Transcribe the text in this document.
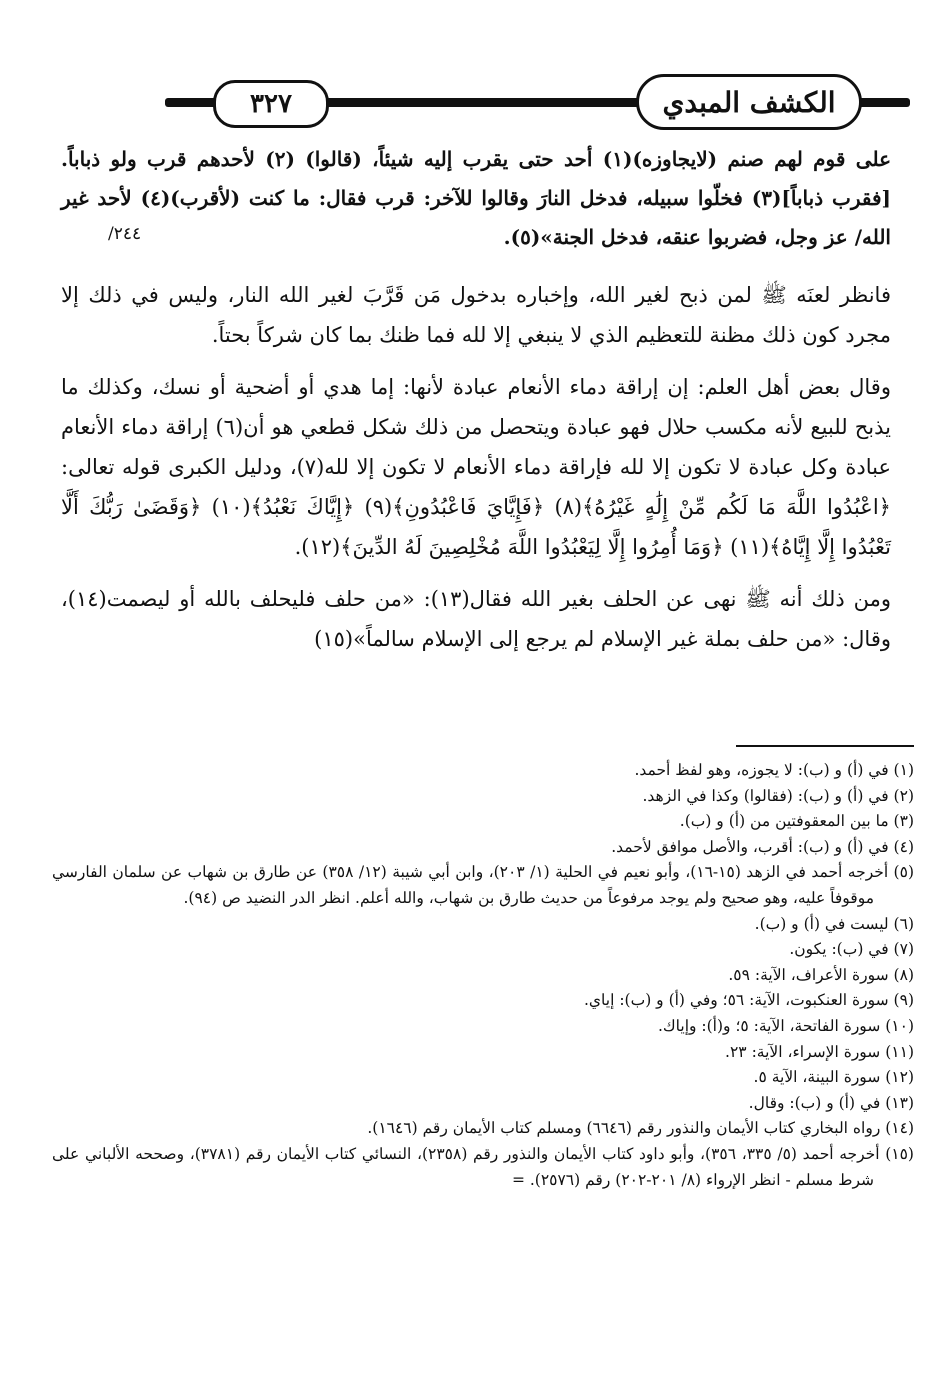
الكشف المبدي
٣٢٧
٢٤٤/

على قوم لهم صنم (لايجاوزه)(١) أحد حتى يقرب إليه شيئاً، (قالوا) (٢) لأحدهم قرب ولو ذباباً. [فقرب ذباباً](٣) فخلّوا سبيله، فدخل النارَ وقالوا للآخر: قرب فقال: ما كنت (لأقرب)(٤) لأحد غير الله/ عز وجل، فضربوا عنقه، فدخل الجنة»(٥).

فانظر لعنَه ﷺ لمن ذبح لغير الله، وإخباره بدخول مَن قَرَّبَ لغير الله النار، وليس في ذلك إلا مجرد كون ذلك مظنة للتعظيم الذي لا ينبغي إلا لله فما ظنك بما كان شركاً بحتاً.

وقال بعض أهل العلم: إن إراقة دماء الأنعام عبادة لأنها: إما هدي أو أضحية أو نسك، وكذلك ما يذبح للبيع لأنه مكسب حلال فهو عبادة ويتحصل من ذلك شكل قطعي هو أن(٦) إراقة دماء الأنعام عبادة وكل عبادة لا تكون إلا لله فإراقة دماء الأنعام لا تكون إلا لله(٧)، ودليل الكبرى قوله تعالى: ﴿اعْبُدُوا اللَّهَ مَا لَكُم مِّنْ إِلَٰهٍ غَيْرُهُ﴾(٨) ﴿فَإِيَّايَ فَاعْبُدُونِ﴾(٩) ﴿إِيَّاكَ نَعْبُدُ﴾(١٠) ﴿وَقَضَىٰ رَبُّكَ أَلَّا تَعْبُدُوا إِلَّا إِيَّاهُ﴾(١١) ﴿وَمَا أُمِرُوا إِلَّا لِيَعْبُدُوا اللَّهَ مُخْلِصِينَ لَهُ الدِّينَ﴾(١٢).

ومن ذلك أنه ﷺ نهى عن الحلف بغير الله فقال(١٣): «من حلف فليحلف بالله أو ليصمت(١٤)، وقال: «من حلف بملة غير الإسلام لم يرجع إلى الإسلام سالماً»(١٥)

(١) في (أ) و (ب): لا يجوزه، وهو لفظ أحمد.
(٢) في (أ) و (ب): (فقالوا) وكذا في الزهد.
(٣) ما بين المعقوفتين من (أ) و (ب).
(٤) في (أ) و (ب): أقرب، والأصل موافق لأحمد.
(٥) أخرجه أحمد في الزهد (١٥-١٦)، وأبو نعيم في الحلية (١/ ٢٠٣)، وابن أبي شيبة (١٢/ ٣٥٨) عن طارق بن شهاب عن سلمان الفارسي موقوفاً عليه، وهو صحيح ولم يوجد مرفوعاً من حديث طارق بن شهاب، والله أعلم. انظر الدر النضيد ص (٩٤).
(٦) ليست في (أ) و (ب).
(٧) في (ب): يكون.
(٨) سورة الأعراف، الآية: ٥٩.
(٩) سورة العنكبوت، الآية: ٥٦؛ وفي (أ) و (ب): إياي.
(١٠) سورة الفاتحة، الآية: ٥؛ و(أ): وإياك.
(١١) سورة الإسراء، الآية: ٢٣.
(١٢) سورة البينة، الآية ٥.
(١٣) في (أ) و (ب): وقال.
(١٤) رواه البخاري كتاب الأيمان والنذور رقم (٦٦٤٦) ومسلم كتاب الأيمان رقم (١٦٤٦).
(١٥) أخرجه أحمد (٥/ ٣٣٥، ٣٥٦)، وأبو داود كتاب الأيمان والنذور رقم (٢٣٥٨)، النسائي كتاب الأيمان رقم (٣٧٨١)، وصححه الألباني على شرط مسلم - انظر الإرواء (٨/ ٢٠١-٢٠٢) رقم (٢٥٧٦). =
